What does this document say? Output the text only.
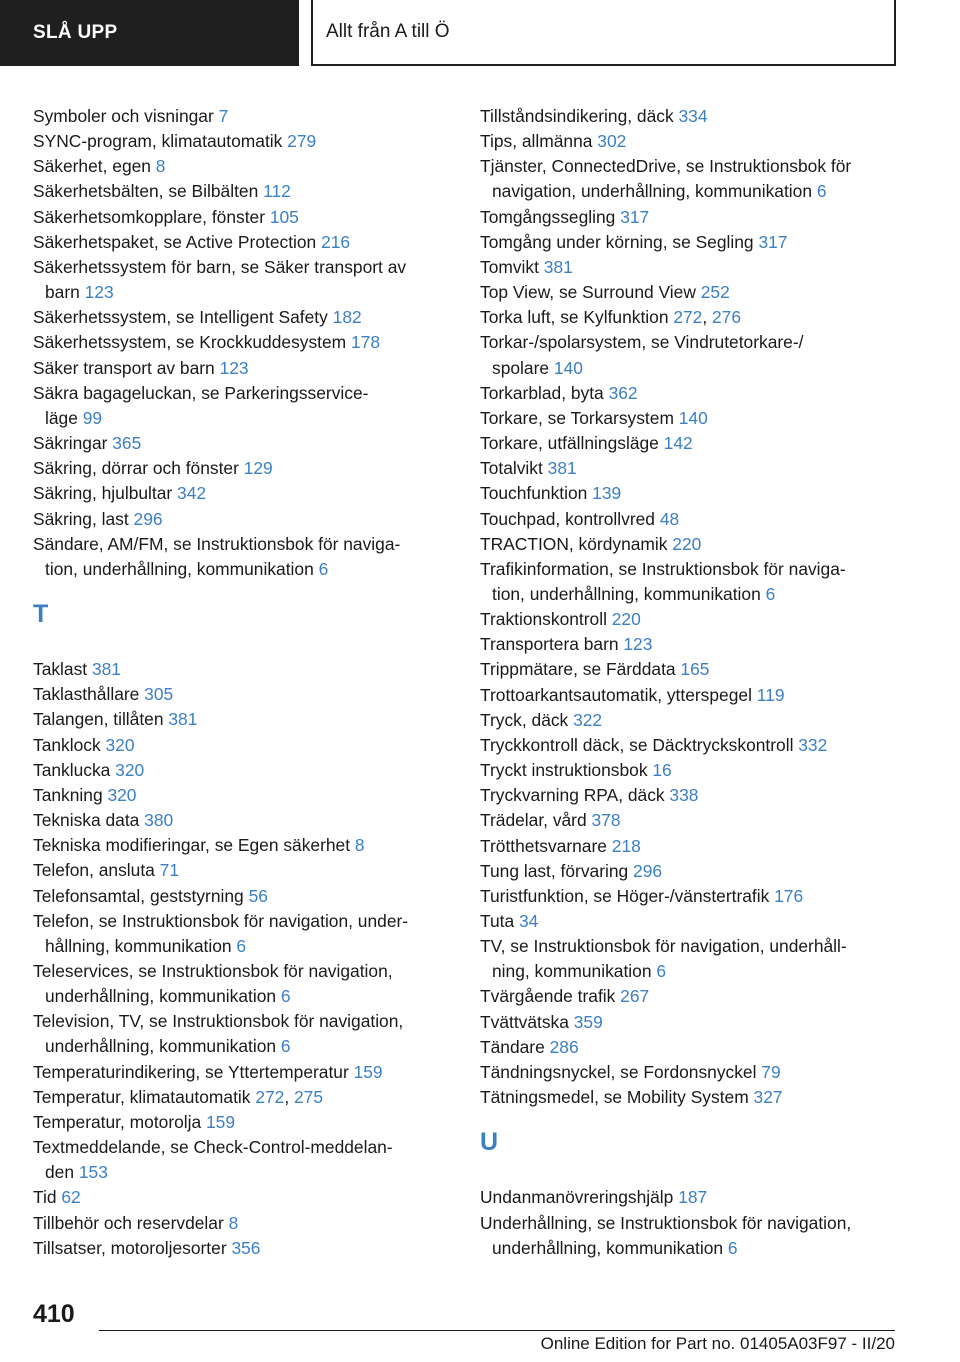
SLÅ UPP	Allt från A till Ö
Symboler och visningar 7
SYNC-program, klimatautomatik 279
Säkerhet, egen 8
Säkerhetsbälten, se Bilbälten 112
Säkerhetsomkopplare, fönster 105
Säkerhetspaket, se Active Protection 216
Säkerhetssystem för barn, se Säker transport av
barn 123
Säkerhetssystem, se Intelligent Safety 182
Säkerhetssystem, se Krockkuddesystem 178
Säker transport av barn 123
Säkra bagageluckan, se Parkeringsservice-
läge 99
Säkringar 365
Säkring, dörrar och fönster 129
Säkring, hjulbultar 342
Säkring, last 296
Sändare, AM/FM, se Instruktionsbok för naviga-
tion, underhållning, kommunikation 6
T
Taklast 381
Taklasthållare 305
Talangen, tillåten 381
Tanklock 320
Tanklucka 320
Tankning 320
Tekniska data 380
Tekniska modifieringar, se Egen säkerhet 8
Telefon, ansluta 71
Telefonsamtal, geststyrning 56
Telefon, se Instruktionsbok för navigation, under-
hållning, kommunikation 6
Teleservices, se Instruktionsbok för navigation,
underhållning, kommunikation 6
Television, TV, se Instruktionsbok för navigation,
underhållning, kommunikation 6
Temperaturindikering, se Yttertemperatur 159
Temperatur, klimatautomatik 272, 275
Temperatur, motorolja 159
Textmeddelande, se Check-Control-meddelan-
den 153
Tid 62
Tillbehör och reservdelar 8
Tillsatser, motoroljesorter 356
Tillståndsindikering, däck 334
Tips, allmänna 302
Tjänster, ConnectedDrive, se Instruktionsbok för
navigation, underhållning, kommunikation 6
Tomgångssegling 317
Tomgång under körning, se Segling 317
Tomvikt 381
Top View, se Surround View 252
Torka luft, se Kylfunktion 272, 276
Torkar-/spolarsystem, se Vindrutetorkare-/
spolare 140
Torkarblad, byta 362
Torkare, se Torkarsystem 140
Torkare, utfällningsläge 142
Totalvikt 381
Touchfunktion 139
Touchpad, kontrollvred 48
TRACTION, kördynamik 220
Trafikinformation, se Instruktionsbok för naviga-
tion, underhållning, kommunikation 6
Traktionskontroll 220
Transportera barn 123
Trippmätare, se Färddata 165
Trottoarkantsautomatik, ytterspegel 119
Tryck, däck 322
Tryckkontroll däck, se Däcktryckskontroll 332
Tryckt instruktionsbok 16
Tryckvarning RPA, däck 338
Trädelar, vård 378
Trötthetsvarnare 218
Tung last, förvaring 296
Turistfunktion, se Höger-/vänstertrafik 176
Tuta 34
TV, se Instruktionsbok för navigation, underhåll-
ning, kommunikation 6
Tvärgående trafik 267
Tvättvätska 359
Tändare 286
Tändningsnyckel, se Fordonsnyckel 79
Tätningsmedel, se Mobility System 327
U
Undanmanövreringshjälp 187
Underhållning, se Instruktionsbok för navigation,
underhållning, kommunikation 6
410
Online Edition for Part no. 01405A03F97 - II/20
